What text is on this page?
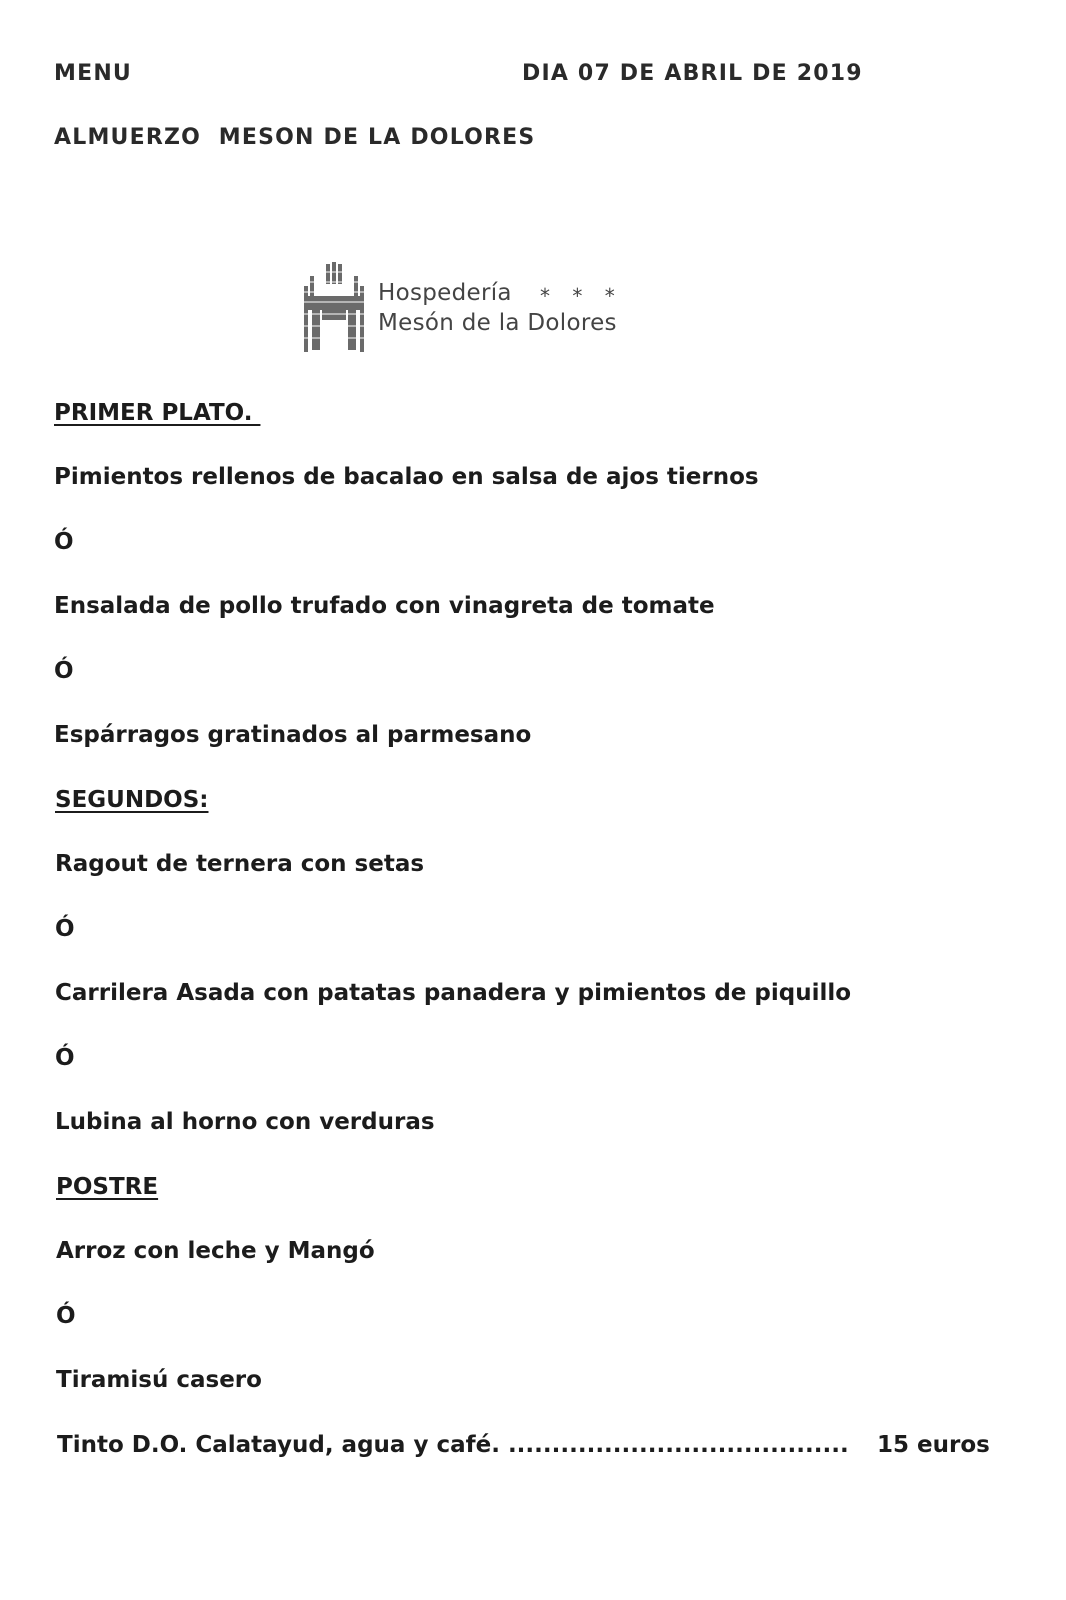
MENU	DIA 07 DE ABRIL DE 2019
ALMUERZO  MESON DE LA DOLORES
Hospedería * * *
Mesón de la Dolores
PRIMER PLATO.
Pimientos rellenos de bacalao en salsa de ajos tiernos
Ó
Ensalada de pollo trufado con vinagreta de tomate
Ó
Espárragos gratinados al parmesano
SEGUNDOS:
Ragout de ternera con setas
Ó
Carrilera Asada con patatas panadera y pimientos de piquillo
Ó
Lubina al horno con verduras
POSTRE
Arroz con leche y Mangó
Ó
Tiramisú casero
Tinto D.O. Calatayud, agua y café. ....................................... 15 euros
